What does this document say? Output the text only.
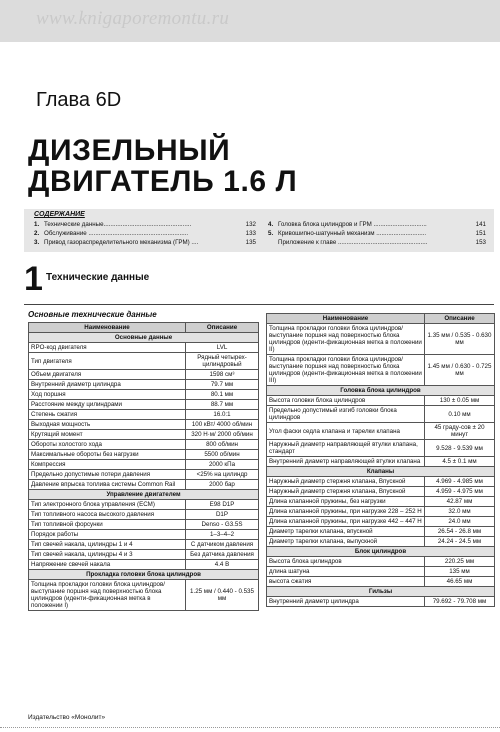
www.knigaporemontu.ru
Глава 6D
ДИЗЕЛЬНЫЙ
ДВИГАТЕЛЬ 1.6 Л
СОДЕРЖАНИЕ
1. Технические данные...................................................	132
2. Обслуживание ..........................................................	133
3. Привод газораспределительного механизма (ГРМ) ....	135
4. Головка блока цилиндров и ГРМ ...............................	141
5. Кривошипно-шатунный механизм .............................	151
Приложение к главе ....................................................	153
1 Технические данные
Основные технические данные
Наименование	Описание
Основные данные	
RPO-код двигателя	LVL
Тип двигателя	Рядный четырех-цилиндровый
Объем двигателя	1598 см³
Внутренний диаметр цилиндра	79.7 мм
Ход поршня	80.1 мм
Расстояние между цилиндрами	88.7 мм
Степень сжатия	16.0:1
Выходная мощность	100 кВт/ 4000 об/мин
Крутящий момент	320 Н·м/ 2000 об/мин
Обороты холостого хода	800 об/мин
Максимальные обороты без нагрузки	5500 об/мин
Компрессия	2000 кПа
Предельно допустимые потери давления	<25% на цилиндр
Давление впрыска топлива системы Common Rail	2000 бар
Управление двигателем	
Тип электронного блока управления (ECM)	E98 D1P
Тип топливного насоса высокого давления	D1P
Тип топливной форсунки	Denso - G3.5S
Порядок работы	1–3–4–2
Тип свечей накала, цилиндры 1 и 4	С датчиком давления
Тип свечей накала, цилиндры 4 и 3	Без датчика давления
Напряжение свечей накала	4.4 В
Прокладка головки блока цилиндров	
Толщина прокладки головки блока цилиндров/выступание поршня над поверхностью блока цилиндров (иденти-фикационная метка в положении I)	1.25 мм / 0.440 - 0.535 мм
Наименование	Описание
Толщина прокладки головки блока цилиндров/выступание поршня над поверхностью блока цилиндров (иденти-фикационная метка в положении II)	1.35 мм / 0.535 - 0.630 мм
Толщина прокладки головки блока цилиндров/выступание поршня над поверхностью блока цилиндров (иденти-фикационная метка в положении III)	1.45 мм / 0.630 - 0.725 мм
Головка блока цилиндров	
Высота головки блока цилиндров	130 ± 0.05 мм
Предельно допустимый изгиб головки блока цилиндров	0.10 мм
Угол фаски седла клапана и тарелки клапана	45 граду-сов ± 20 минут
Наружный диаметр направляющей втулки клапана, стандарт	9.528 - 9.539 мм
Внутренний диаметр направляющей втулки клапана	4.5 ± 0.1 мм
Клапаны	
Наружный диаметр стержня клапана, Впускной	4.969 - 4.985 мм
Наружный диаметр стержня клапана, Впускной	4.959 - 4.975 мм
Длина клапанной пружины, без нагрузки	42.87 мм
Длина клапанной пружины, при нагрузке 228 – 252 Н	32.0 мм
Длина клапанной пружины, при нагрузке 442 – 447 Н	24.0 мм
Диаметр тарелки клапана, впускной	26.54 - 26.8 мм
Диаметр тарелки клапана, выпускной	24.24 - 24.5 мм
Блок цилиндров	
Высота блока цилиндров	220.25 мм
длина шатуна	135 мм
высота сжатия	46.65 мм
Гильзы	
Внутренний диаметр цилиндра	79.692 - 79.708 мм
Издательство «Монолит»
